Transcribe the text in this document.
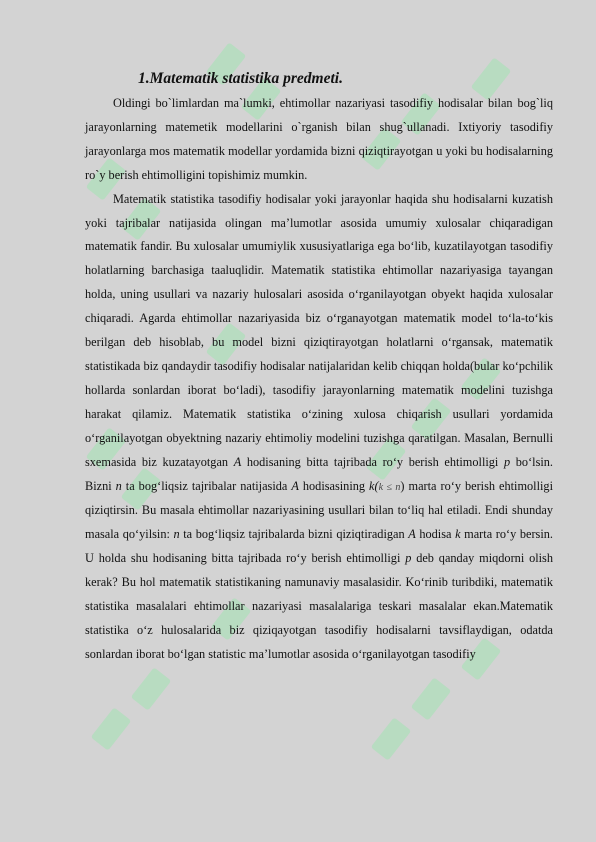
1.Matematik statistika predmeti.

Oldingi bo`limlardan ma`lumki, ehtimollar nazariyasi tasodifiy hodisalar bilan bog`liq jarayonlarning matemetik modellarini o`rganish bilan shug`ullanadi. Ixtiyoriy tasodifiy jarayonlarga mos matematik modellar yordamida bizni qiziqtirayotgan u yoki bu hodisalarning ro`y berish ehtimolligini topishimiz mumkin.

Matematik statistika tasodifiy hodisalar yoki jarayonlar haqida shu hodisalarni kuzatish yoki tajribalar natijasida olingan ma’lumotlar asosida umumiy xulosalar chiqaradigan matematik fandir. Bu xulosalar umumiylik xususiyatlariga ega bo‘lib, kuzatilayotgan tasodifiy holatlarning barchasiga taaluqlidir. Matematik statistika ehtimollar nazariyasiga tayangan holda, uning usullari va nazariy hulosalari asosida o‘rganilayotgan obyekt haqida xulosalar chiqaradi. Agarda ehtimollar nazariyasida biz o‘rganayotgan matematik model to‘la-to‘kis berilgan deb hisoblab, bu model bizni qiziqtirayotgan holatlarni o‘rgansak, matematik statistikada biz qandaydir tasodifiy hodisalar natijalaridan kelib chiqqan holda(bular ko‘pchilik hollarda sonlardan iborat bo‘ladi), tasodifiy jarayonlarning matematik modelini tuzishga harakat qilamiz. Matematik statistika o‘zining xulosa chiqarish usullari yordamida o‘rganilayotgan obyektning nazariy ehtimoliy modelini tuzishga qaratilgan. Masalan, Bernulli sxemasida biz kuzatayotgan A hodisaning bitta tajribada ro‘y berish ehtimolligi p bo‘lsin. Bizni n ta bog‘liqsiz tajribalar natijasida A hodisasining k(k ≤ n) marta ro‘y berish ehtimolligi qiziqtirsin. Bu masala ehtimollar nazariyasining usullari bilan to‘liq hal etiladi. Endi shunday masala qo‘yilsin: n ta bog‘liqsiz tajribalarda bizni qiziqtiradigan A hodisa k marta ro‘y bersin. U holda shu hodisaning bitta tajribada ro‘y berish ehtimolligi p deb qanday miqdorni olish kerak? Bu hol matematik statistikaning namunaviy masalasidir. Ko‘rinib turibdiki, matematik statistika masalalari ehtimollar nazariyasi masalalariga teskari masalalar ekan.Matematik statistika o‘z hulosalarida biz qiziqayotgan tasodifiy hodisalarni tavsiflaydigan, odatda sonlardan iborat bo‘lgan statistic ma’lumotlar asosida o‘rganilayotgan tasodifiy
